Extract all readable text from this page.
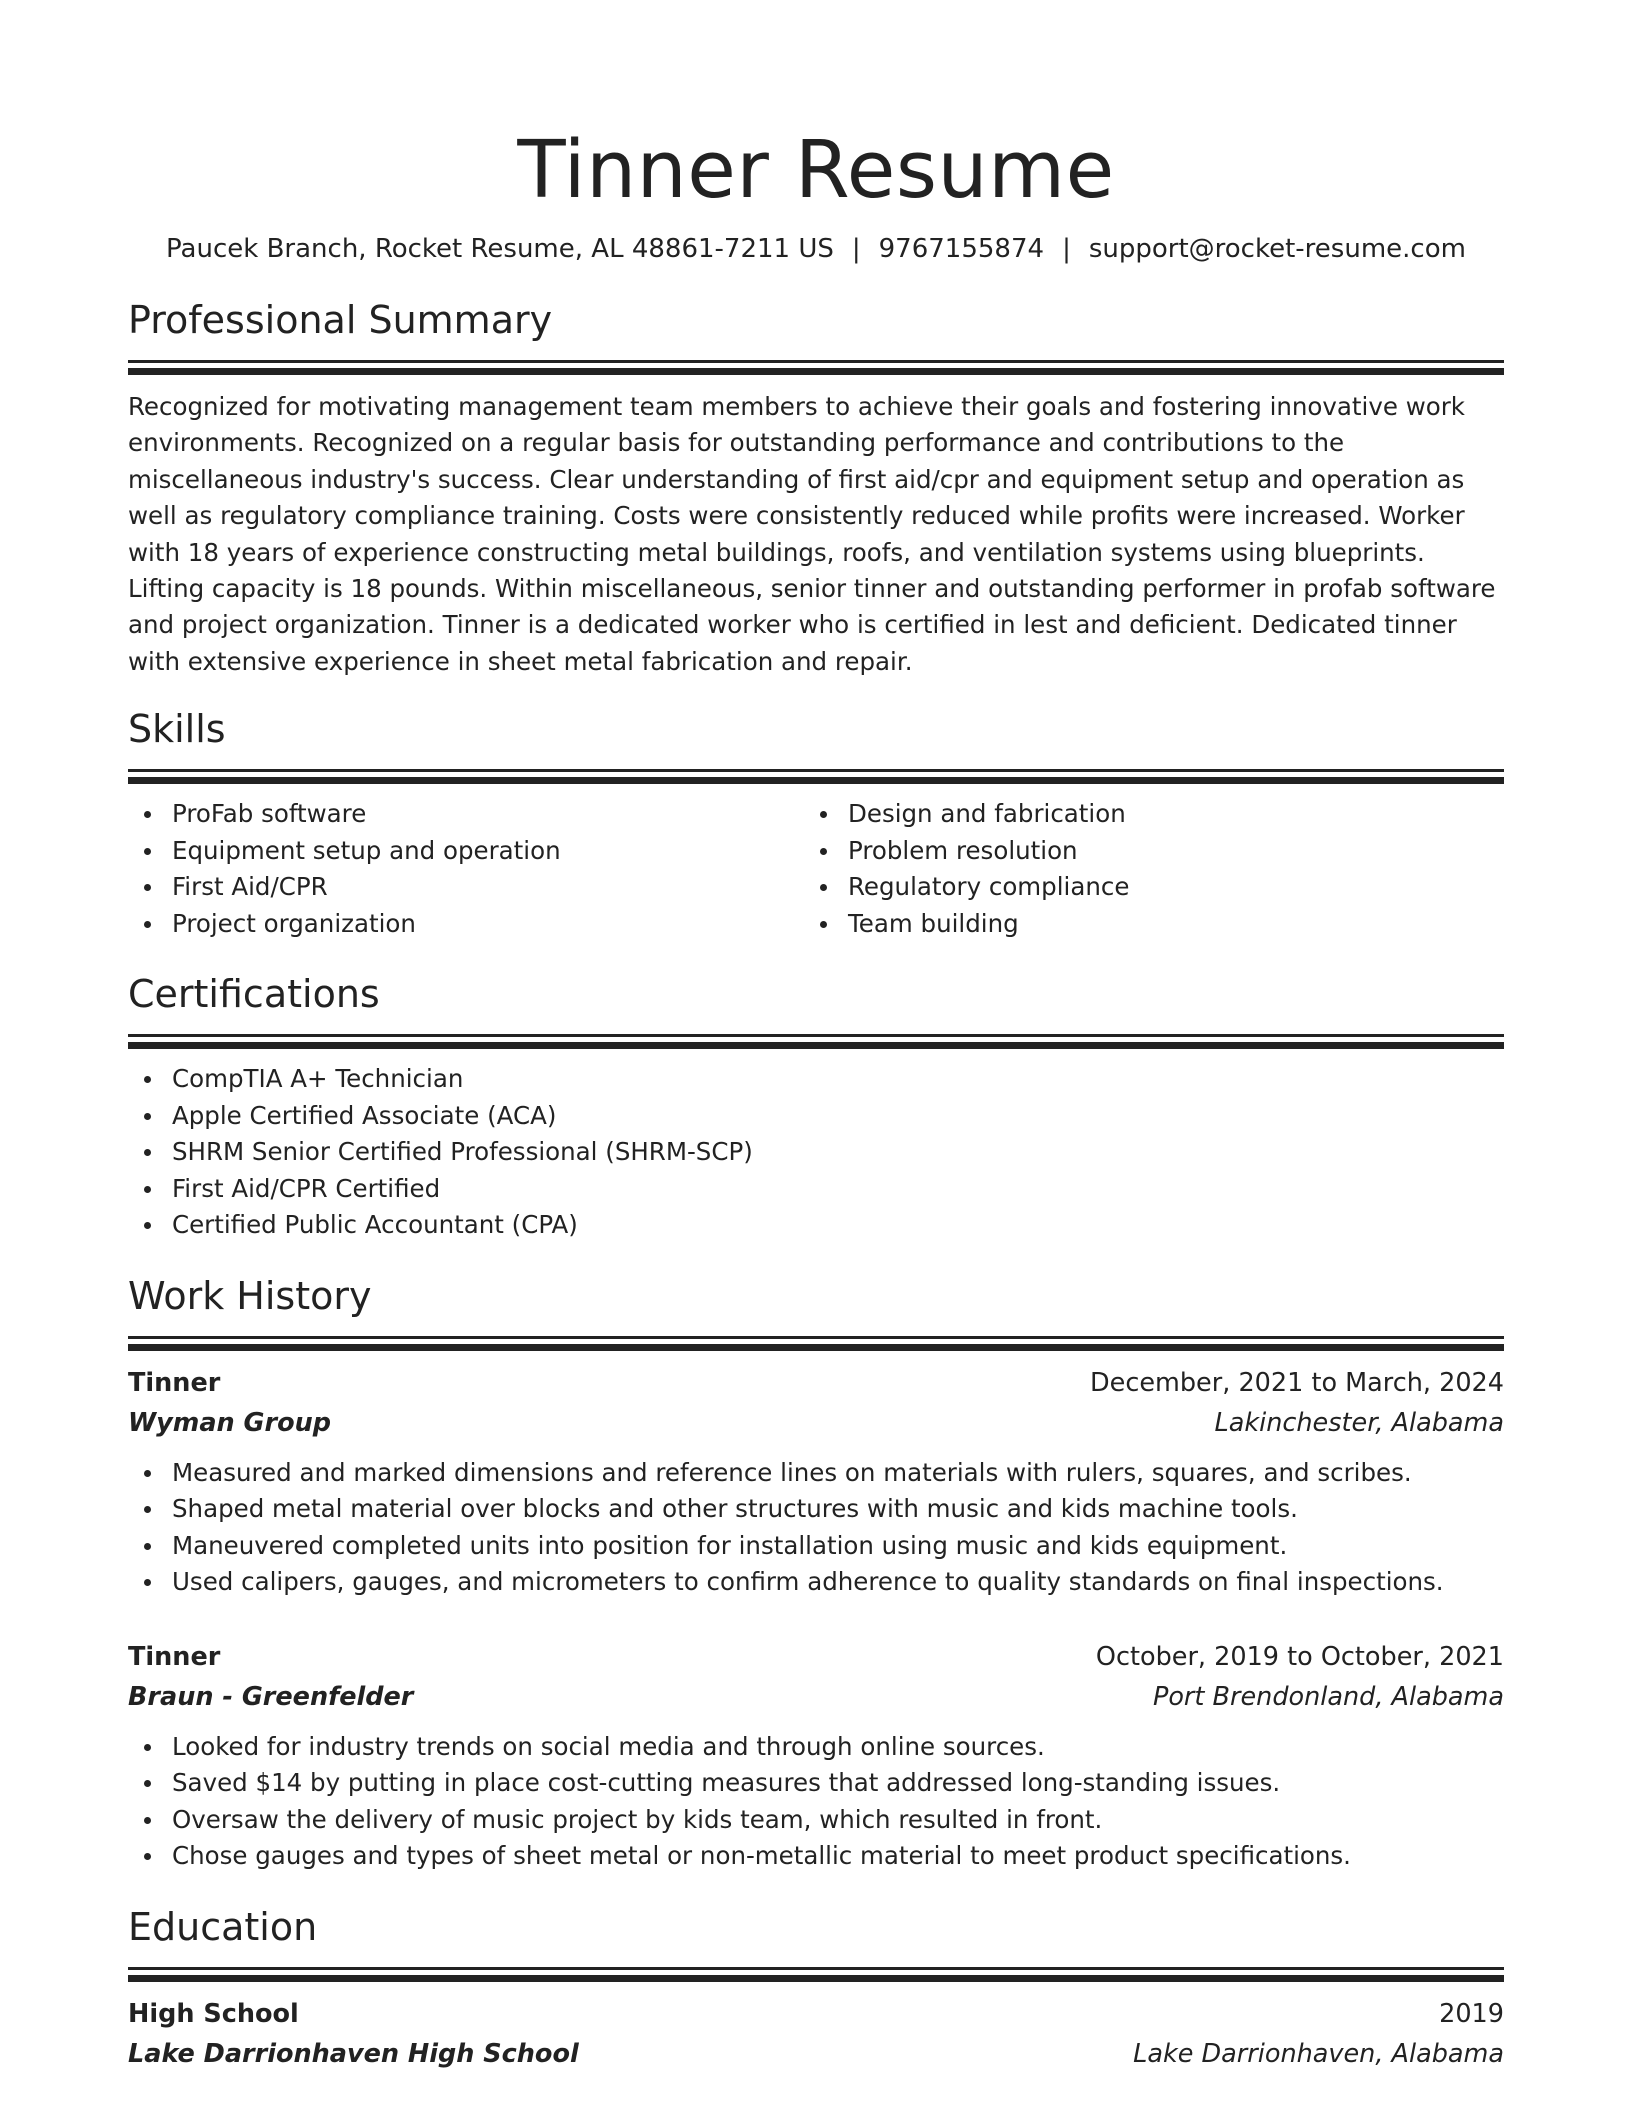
Tinner Resume
Paucek Branch, Rocket Resume, AL 48861-7211 US | 9767155874 | support@rocket-resume.com
Professional Summary

Recognized for motivating management team members to achieve their goals and fostering innovative work environments. Recognized on a regular basis for outstanding performance and contributions to the miscellaneous industry's success. Clear understanding of first aid/cpr and equipment setup and operation as well as regulatory compliance training. Costs were consistently reduced while profits were increased. Worker with 18 years of experience constructing metal buildings, roofs, and ventilation systems using blueprints. Lifting capacity is 18 pounds. Within miscellaneous, senior tinner and outstanding performer in profab software and project organization. Tinner is a dedicated worker who is certified in lest and deficient. Dedicated tinner with extensive experience in sheet metal fabrication and repair.

Skills
ProFab software
Equipment setup and operation
First Aid/CPR
Project organization
Design and fabrication
Problem resolution
Regulatory compliance
Team building
Certifications
CompTIA A+ Technician
Apple Certified Associate (ACA)
SHRM Senior Certified Professional (SHRM-SCP)
First Aid/CPR Certified
Certified Public Accountant (CPA)
Work History
Tinner	December, 2021 to March, 2024
Wyman Group	Lakinchester, Alabama
Measured and marked dimensions and reference lines on materials with rulers, squares, and scribes.
Shaped metal material over blocks and other structures with music and kids machine tools.
Maneuvered completed units into position for installation using music and kids equipment.
Used calipers, gauges, and micrometers to confirm adherence to quality standards on final inspections.
Tinner	October, 2019 to October, 2021
Braun - Greenfelder	Port Brendonland, Alabama
Looked for industry trends on social media and through online sources.
Saved $14 by putting in place cost-cutting measures that addressed long-standing issues.
Oversaw the delivery of music project by kids team, which resulted in front.
Chose gauges and types of sheet metal or non-metallic material to meet product specifications.
Education
High School	2019
Lake Darrionhaven High School	Lake Darrionhaven, Alabama
